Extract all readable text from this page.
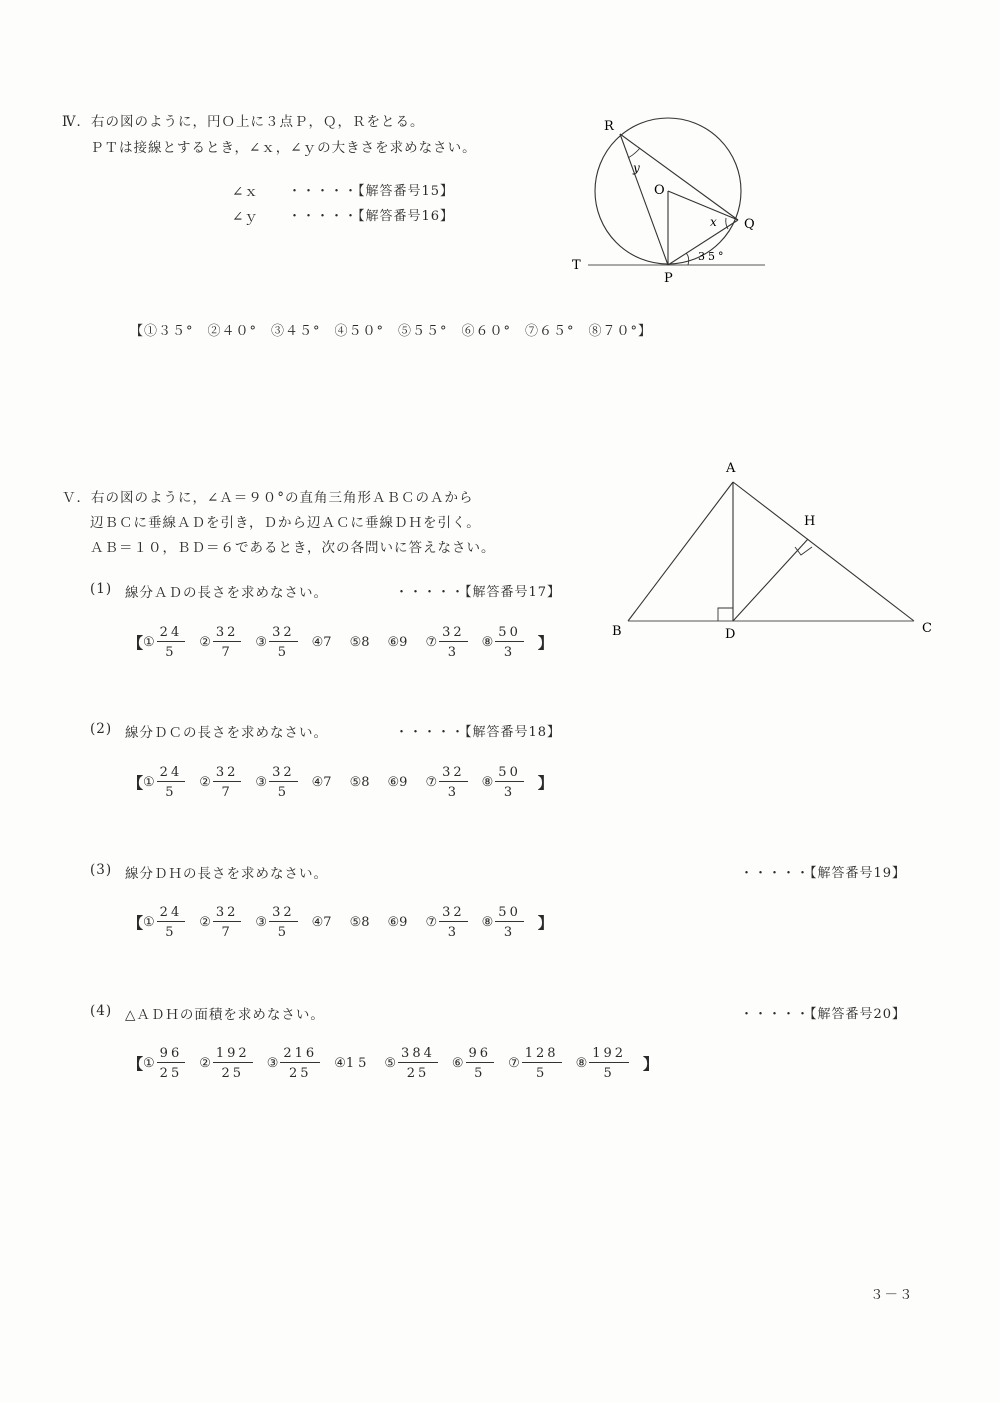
Ⅳ．右の図のように，円Ｏ上に３点Ｐ，Ｑ，Ｒをとる。
ＰＴは接線とするとき，∠ｘ，∠ｙの大きさを求めなさい。
∠ｘ ・・・・・【解答番号15】
∠ｙ ・・・・・【解答番号16】
【①３５°　②４０°　③４５°　④５０°　⑤５５°　⑥６０°　⑦６５°　⑧７０°】
R
O
Q
T
P
y
x
35°
Ｖ．右の図のように，∠Ａ＝９０°の直角三角形ＡＢＣのＡから
辺ＢＣに垂線ＡＤを引き，Ｄから辺ＡＣに垂線ＤＨを引く。
ＡＢ＝１０，ＢＤ＝６であるとき，次の各問いに答えなさい。
A
H
B	D	C
(1) 線分ＡＤの長さを求めなさい。	・・・・・【解答番号17】
【 ① $\frac{24}{5}$ ② $\frac{32}{7}$ ③ $\frac{32}{5}$ ④ 7 ⑤ 8 ⑥ 9 ⑦ $\frac{32}{3}$ ⑧ $\frac{50}{3}$ 】
(2) 線分ＤＣの長さを求めなさい。	・・・・・【解答番号18】
【 ① $\frac{24}{5}$ ② $\frac{32}{7}$ ③ $\frac{32}{5}$ ④ 7 ⑤ 8 ⑥ 9 ⑦ $\frac{32}{3}$ ⑧ $\frac{50}{3}$ 】
(3) 線分ＤＨの長さを求めなさい。	・・・・・【解答番号19】
【 ① $\frac{24}{5}$ ② $\frac{32}{7}$ ③ $\frac{32}{5}$ ④ 7 ⑤ 8 ⑥ 9 ⑦ $\frac{32}{3}$ ⑧ $\frac{50}{3}$ 】
(4) △ＡＤＨの面積を求めなさい。	・・・・・【解答番号20】
【 ① $\frac{96}{25}$ ② $\frac{192}{25}$ ③ $\frac{216}{25}$ ④ 15 ⑤ $\frac{384}{25}$ ⑥ $\frac{96}{5}$ ⑦ $\frac{128}{5}$ ⑧ $\frac{192}{5}$ 】
３－３
